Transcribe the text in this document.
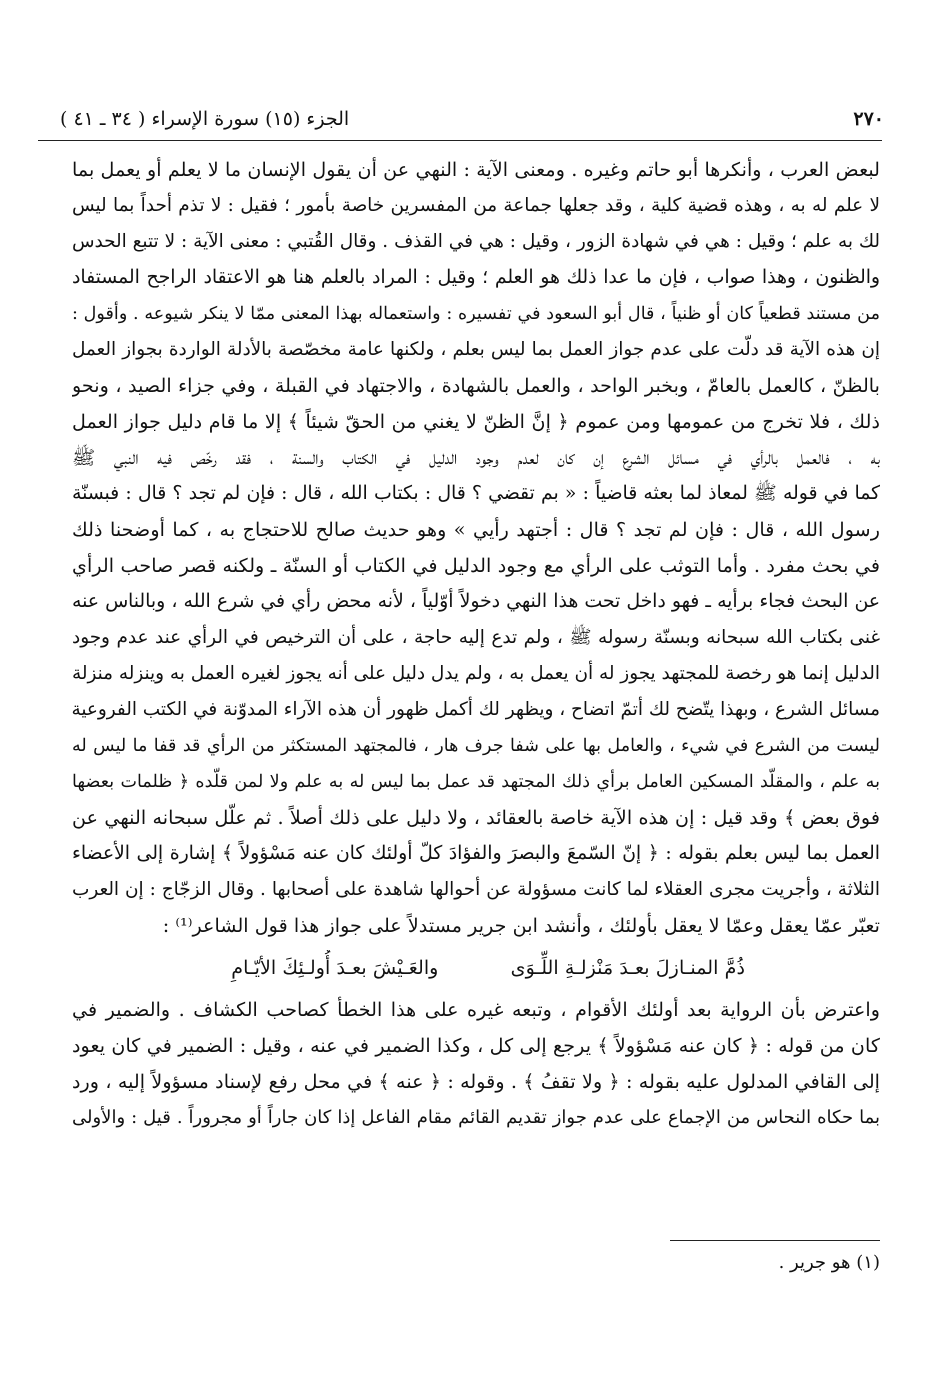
٢٧٠
الجزء (١٥) سورة الإسراء ( ٣٤ ـ ٤١ )
لبعض العرب ، وأنكرها أبو حاتم وغيره . ومعنى الآية : النهي عن أن يقول الإنسان ما لا يعلم أو يعمل بما
لا علم له به ، وهذه قضية كلية ، وقد جعلها جماعة من المفسرين خاصة بأمور ؛ فقيل : لا تذم أحداً بما ليس
لك به علم ؛ وقيل : هي في شهادة الزور ، وقيل : هي في القذف . وقال القُتبي : معنى الآية : لا تتبع الحدس
والظنون ، وهذا صواب ، فإن ما عدا ذلك هو العلم ؛ وقيل : المراد بالعلم هنا هو الاعتقاد الراجح المستفاد
من مستند قطعياً كان أو ظنياً ، قال أبو السعود في تفسيره : واستعماله بهذا المعنى ممّا لا ينكر شيوعه . وأقول :
إن هذه الآية قد دلّت على عدم جواز العمل بما ليس بعلم ، ولكنها عامة مخصّصة بالأدلة الواردة بجواز العمل
بالظنّ ، كالعمل بالعامّ ، وبخبر الواحد ، والعمل بالشهادة ، والاجتهاد في القبلة ، وفي جزاء الصيد ، ونحو
ذلك ، فلا تخرج من عمومها ومن عموم ﴿ إنَّ الظنّ لا يغني من الحقّ شيئاً ﴾ إلا ما قام دليل جواز العمل
به ، فالعمل بالرأي في مسائل الشرع إن كان لعدم وجود الدليل في الكتاب والسنة ، فقد رخّص فيه النبي ﷺ
كما في قوله ﷺ لمعاذ لما بعثه قاضياً : « بم تقضي ؟ قال : بكتاب الله ، قال : فإن لم تجد ؟ قال : فبسنّة
رسول الله ، قال : فإن لم تجد ؟ قال : أجتهد رأيي » وهو حديث صالح للاحتجاج به ، كما أوضحنا ذلك
في بحث مفرد . وأما التوثب على الرأي مع وجود الدليل في الكتاب أو السنّة ـ ولكنه قصر صاحب الرأي
عن البحث فجاء برأيه ـ فهو داخل تحت هذا النهي دخولاً أوّلياً ، لأنه محض رأي في شرع الله ، وبالناس عنه
غنى بكتاب الله سبحانه وبسنّة رسوله ﷺ ، ولم تدع إليه حاجة ، على أن الترخيص في الرأي عند عدم وجود
الدليل إنما هو رخصة للمجتهد يجوز له أن يعمل به ، ولم يدل دليل على أنه يجوز لغيره العمل به وينزله منزلة
مسائل الشرع ، وبهذا يتّضح لك أتمّ اتضاح ، ويظهر لك أكمل ظهور أن هذه الآراء المدوّنة في الكتب الفروعية
ليست من الشرع في شيء ، والعامل بها على شفا جرف هار ، فالمجتهد المستكثر من الرأي قد قفا ما ليس له
به علم ، والمقلّد المسكين العامل برأي ذلك المجتهد قد عمل بما ليس له به علم ولا لمن قلّده ﴿ ظلمات بعضها
فوق بعض ﴾ وقد قيل : إن هذه الآية خاصة بالعقائد ، ولا دليل على ذلك أصلاً . ثم علّل سبحانه النهي عن
العمل بما ليس بعلم بقوله : ﴿ إنّ السّمعَ والبصرَ والفؤادَ كلّ أولئك كان عنه مَسْؤولاً ﴾ إشارة إلى الأعضاء
الثلاثة ، وأجريت مجرى العقلاء لما كانت مسؤولة عن أحوالها شاهدة على أصحابها . وقال الزجّاج : إن العرب
تعبّر عمّا يعقل وعمّا لا يعقل بأولئك ، وأنشد ابن جرير مستدلاً على جواز هذا قول الشاعر⁽¹⁾ :
ذُمَّ المنـازلَ بعـدَ مَنْزلـةِ اللِّـوَى  والعَـيْشَ بعـدَ أُولـئِكَ الأيّـامِ
واعترض بأن الرواية بعد أولئك الأقوام ، وتبعه غيره على هذا الخطأ كصاحب الكشاف . والضمير في
كان من قوله : ﴿ كان عنه مَسْؤولاً ﴾ يرجع إلى كل ، وكذا الضمير في عنه ، وقيل : الضمير في كان يعود
إلى القافي المدلول عليه بقوله : ﴿ ولا تقفُ ﴾ . وقوله : ﴿ عنه ﴾ في محل رفع لإسناد مسؤولاً إليه ، ورد
بما حكاه النحاس من الإجماع على عدم جواز تقديم القائم مقام الفاعل إذا كان جاراً أو مجروراً . قيل : والأولى
(١) هو جرير .
